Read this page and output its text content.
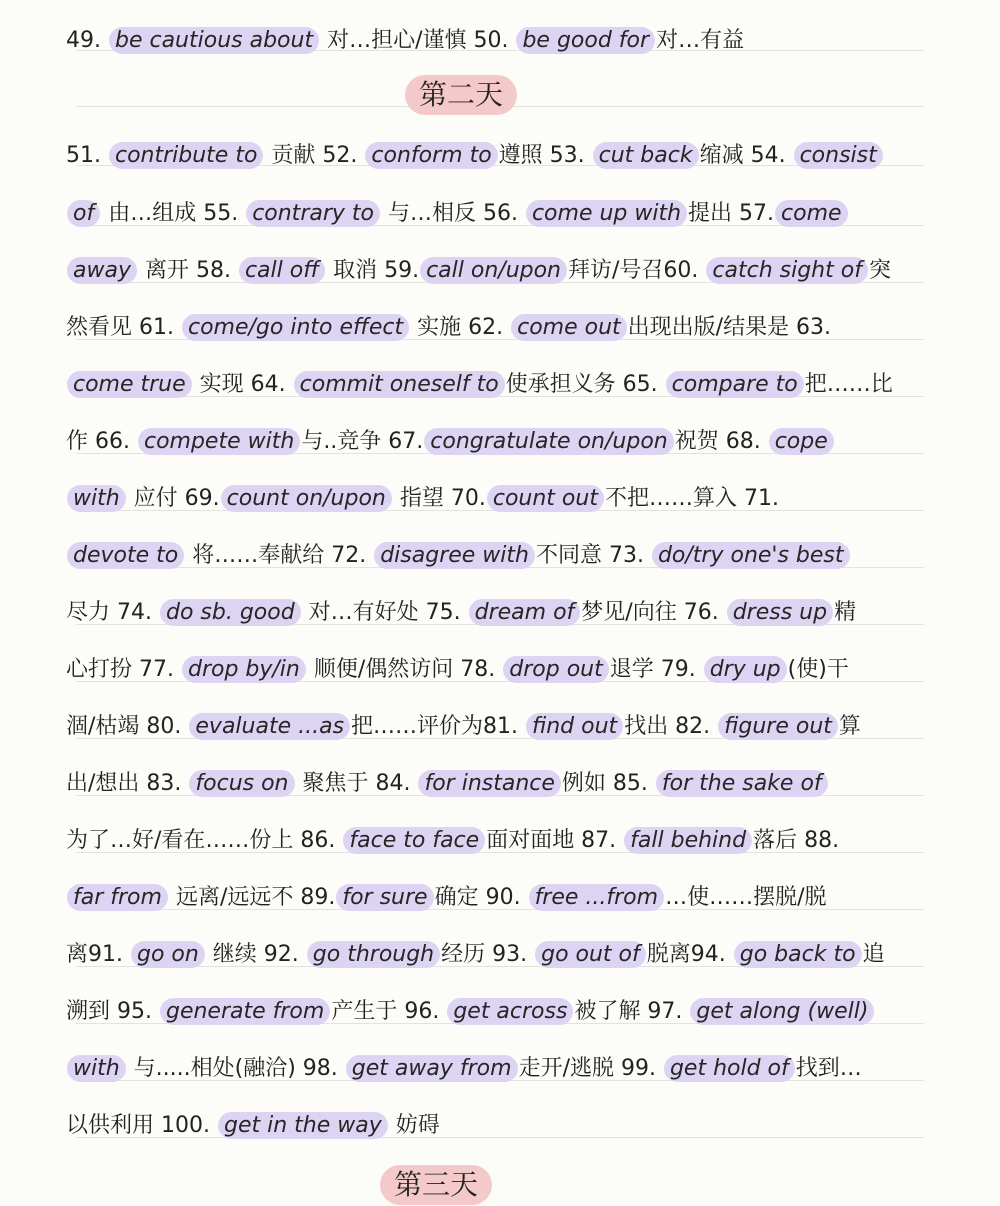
49. be cautious about 对…担心/谨慎 50. be good for 对…有益
51. contribute to 贡献 52. conform to 遵照 53. cut back 缩减 54. consist
of 由…组成 55. contrary to 与…相反 56. come up with 提出 57. come
away 离开 58. call off 取消 59. call on/upon 拜访/号召60. catch sight of 突
然看见 61. come/go into effect 实施 62. come out 出现出版/结果是 63.
come true 实现 64. commit oneself to 使承担义务 65. compare to 把……比
作 66. compete with 与..竞争 67. congratulate on/upon 祝贺 68. cope
with 应付 69. count on/upon 指望 70. count out 不把……算入 71.
devote to 将……奉献给 72. disagree with 不同意 73. do/try one's best
尽力 74. do sb. good 对…有好处 75. dream of 梦见/向往 76. dress up 精
心打扮 77. drop by/in 顺便/偶然访问 78. drop out 退学 79. dry up (使)干
涸/枯竭 80. evaluate ...as 把……评价为81. find out 找出 82. figure out 算
出/想出 83. focus on 聚焦于 84. for instance 例如 85. for the sake of
为了…好/看在……份上 86. face to face 面对面地 87. fall behind 落后 88.
far from 远离/远远不 89. for sure 确定 90. free ...from …使……摆脱/脱
离91. go on 继续 92. go through 经历 93. go out of 脱离94. go back to 追
溯到 95. generate from 产生于 96. get across 被了解 97. get along (well)
with 与.....相处(融洽) 98. get away from 走开/逃脱 99. get hold of 找到…
以供利用 100. get in the way 妨碍
第二天
第三天
